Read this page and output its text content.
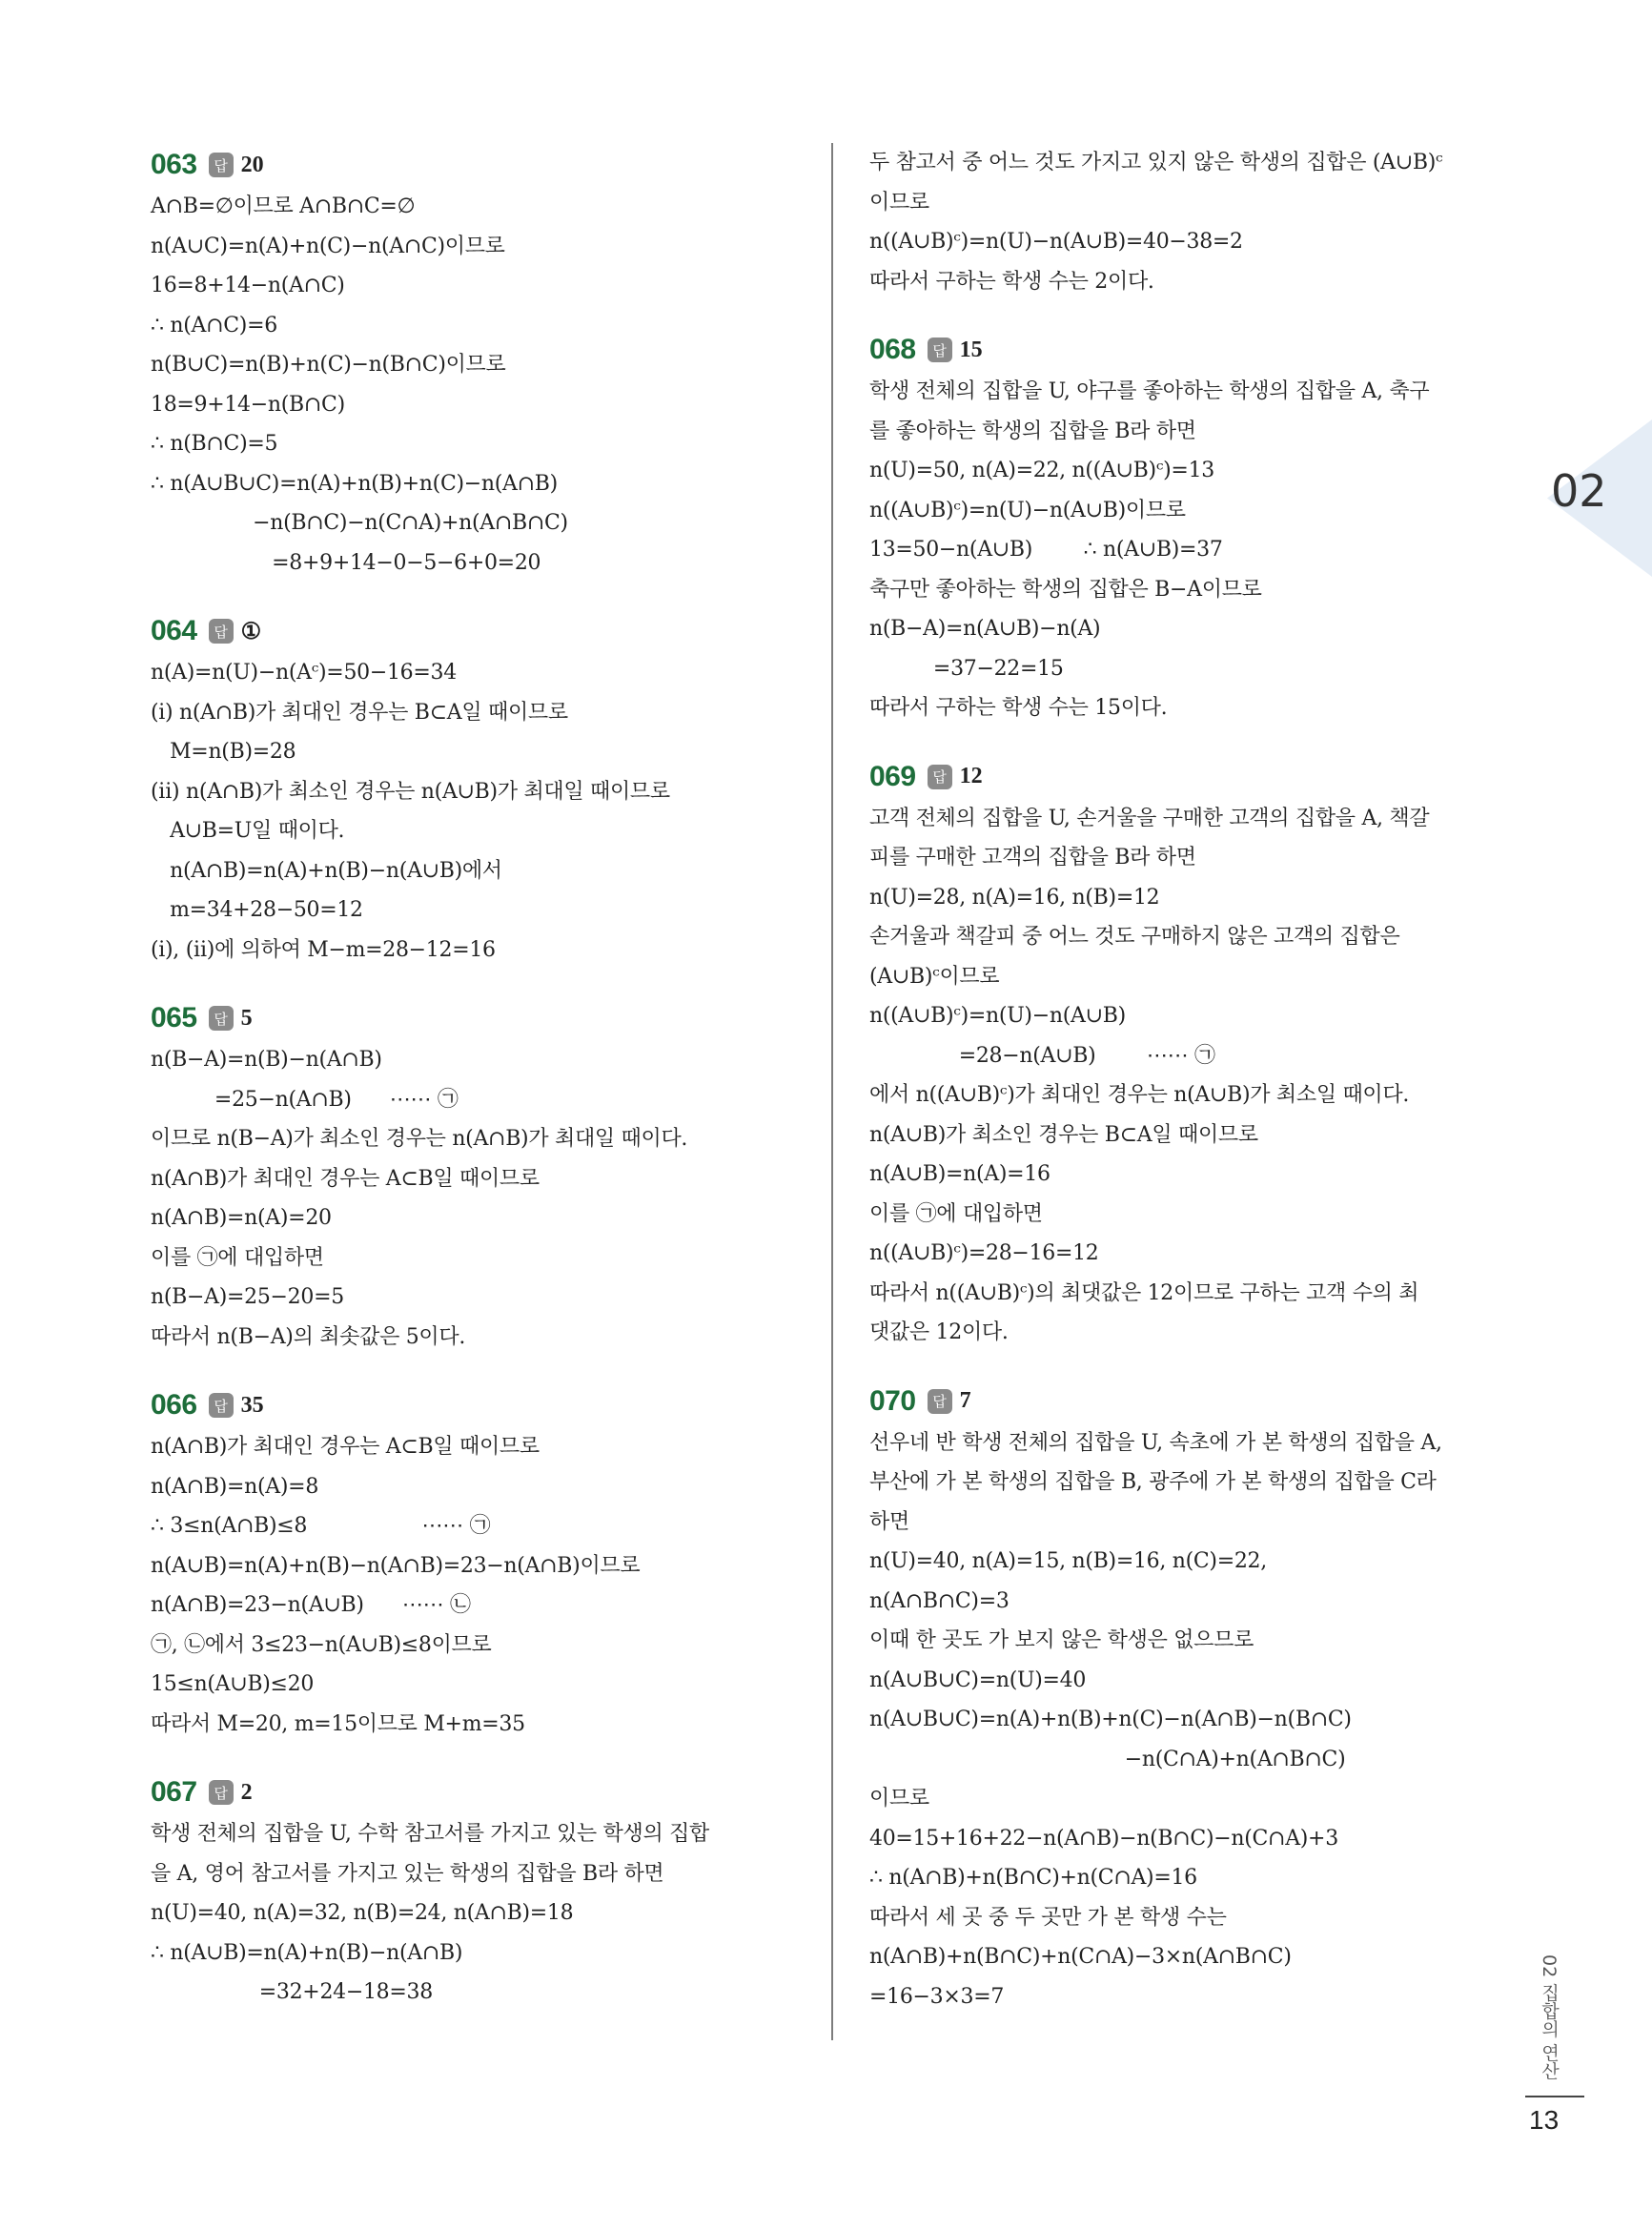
02
063	답 20
A∩B=∅이므로 A∩B∩C=∅
n(A∪C)=n(A)+n(C)−n(A∩C)이므로
16=8+14−n(A∩C)
∴ n(A∩C)=6
n(B∪C)=n(B)+n(C)−n(B∩C)이므로
18=9+14−n(B∩C)
∴ n(B∩C)=5
∴ n(A∪B∪C)=n(A)+n(B)+n(C)−n(A∩B)
−n(B∩C)−n(C∩A)+n(A∩B∩C)
=8+9+14−0−5−6+0=20
064	답 ①
n(A)=n(U)−n(Aᶜ)=50−16=34
(ⅰ) n(A∩B)가 최대인 경우는 B⊂A일 때이므로
M=n(B)=28
(ⅱ) n(A∩B)가 최소인 경우는 n(A∪B)가 최대일 때이므로
A∪B=U일 때이다.
n(A∩B)=n(A)+n(B)−n(A∪B)에서
m=34+28−50=12
(ⅰ), (ⅱ)에 의하여 M−m=28−12=16
065	답 5
n(B−A)=n(B)−n(A∩B)
=25−n(A∩B)      ⋯⋯ ㉠
이므로 n(B−A)가 최소인 경우는 n(A∩B)가 최대일 때이다.
n(A∩B)가 최대인 경우는 A⊂B일 때이므로
n(A∩B)=n(A)=20
이를 ㉠에 대입하면
n(B−A)=25−20=5
따라서 n(B−A)의 최솟값은 5이다.
066	답 35
n(A∩B)가 최대인 경우는 A⊂B일 때이므로
n(A∩B)=n(A)=8
∴ 3≤n(A∩B)≤8                  ⋯⋯ ㉠
n(A∪B)=n(A)+n(B)−n(A∩B)=23−n(A∩B)이므로
n(A∩B)=23−n(A∪B)      ⋯⋯ ㉡
㉠, ㉡에서 3≤23−n(A∪B)≤8이므로
15≤n(A∪B)≤20
따라서 M=20, m=15이므로 M+m=35
067	답 2
학생 전체의 집합을 U, 수학 참고서를 가지고 있는 학생의 집합
을 A, 영어 참고서를 가지고 있는 학생의 집합을 B라 하면
n(U)=40, n(A)=32, n(B)=24, n(A∩B)=18
∴ n(A∪B)=n(A)+n(B)−n(A∩B)
=32+24−18=38
두 참고서 중 어느 것도 가지고 있지 않은 학생의 집합은 (A∪B)ᶜ
이므로
n((A∪B)ᶜ)=n(U)−n(A∪B)=40−38=2
따라서 구하는 학생 수는 2이다.
068	답 15
학생 전체의 집합을 U, 야구를 좋아하는 학생의 집합을 A, 축구
를 좋아하는 학생의 집합을 B라 하면
n(U)=50, n(A)=22, n((A∪B)ᶜ)=13
n((A∪B)ᶜ)=n(U)−n(A∪B)이므로
13=50−n(A∪B)        ∴ n(A∪B)=37
축구만 좋아하는 학생의 집합은 B−A이므로
n(B−A)=n(A∪B)−n(A)
=37−22=15
따라서 구하는 학생 수는 15이다.
069	답 12
고객 전체의 집합을 U, 손거울을 구매한 고객의 집합을 A, 책갈
피를 구매한 고객의 집합을 B라 하면
n(U)=28, n(A)=16, n(B)=12
손거울과 책갈피 중 어느 것도 구매하지 않은 고객의 집합은
(A∪B)ᶜ이므로
n((A∪B)ᶜ)=n(U)−n(A∪B)
=28−n(A∪B)        ⋯⋯ ㉠
에서 n((A∪B)ᶜ)가 최대인 경우는 n(A∪B)가 최소일 때이다.
n(A∪B)가 최소인 경우는 B⊂A일 때이므로
n(A∪B)=n(A)=16
이를 ㉠에 대입하면
n((A∪B)ᶜ)=28−16=12
따라서 n((A∪B)ᶜ)의 최댓값은 12이므로 구하는 고객 수의 최
댓값은 12이다.
070	답 7
선우네 반 학생 전체의 집합을 U, 속초에 가 본 학생의 집합을 A,
부산에 가 본 학생의 집합을 B, 광주에 가 본 학생의 집합을 C라
하면
n(U)=40, n(A)=15, n(B)=16, n(C)=22,
n(A∩B∩C)=3
이때 한 곳도 가 보지 않은 학생은 없으므로
n(A∪B∪C)=n(U)=40
n(A∪B∪C)=n(A)+n(B)+n(C)−n(A∩B)−n(B∩C)
−n(C∩A)+n(A∩B∩C)
이므로
40=15+16+22−n(A∩B)−n(B∩C)−n(C∩A)+3
∴ n(A∩B)+n(B∩C)+n(C∩A)=16
따라서 세 곳 중 두 곳만 가 본 학생 수는
n(A∩B)+n(B∩C)+n(C∩A)−3×n(A∩B∩C)
=16−3×3=7	02 집합의 연산
13
